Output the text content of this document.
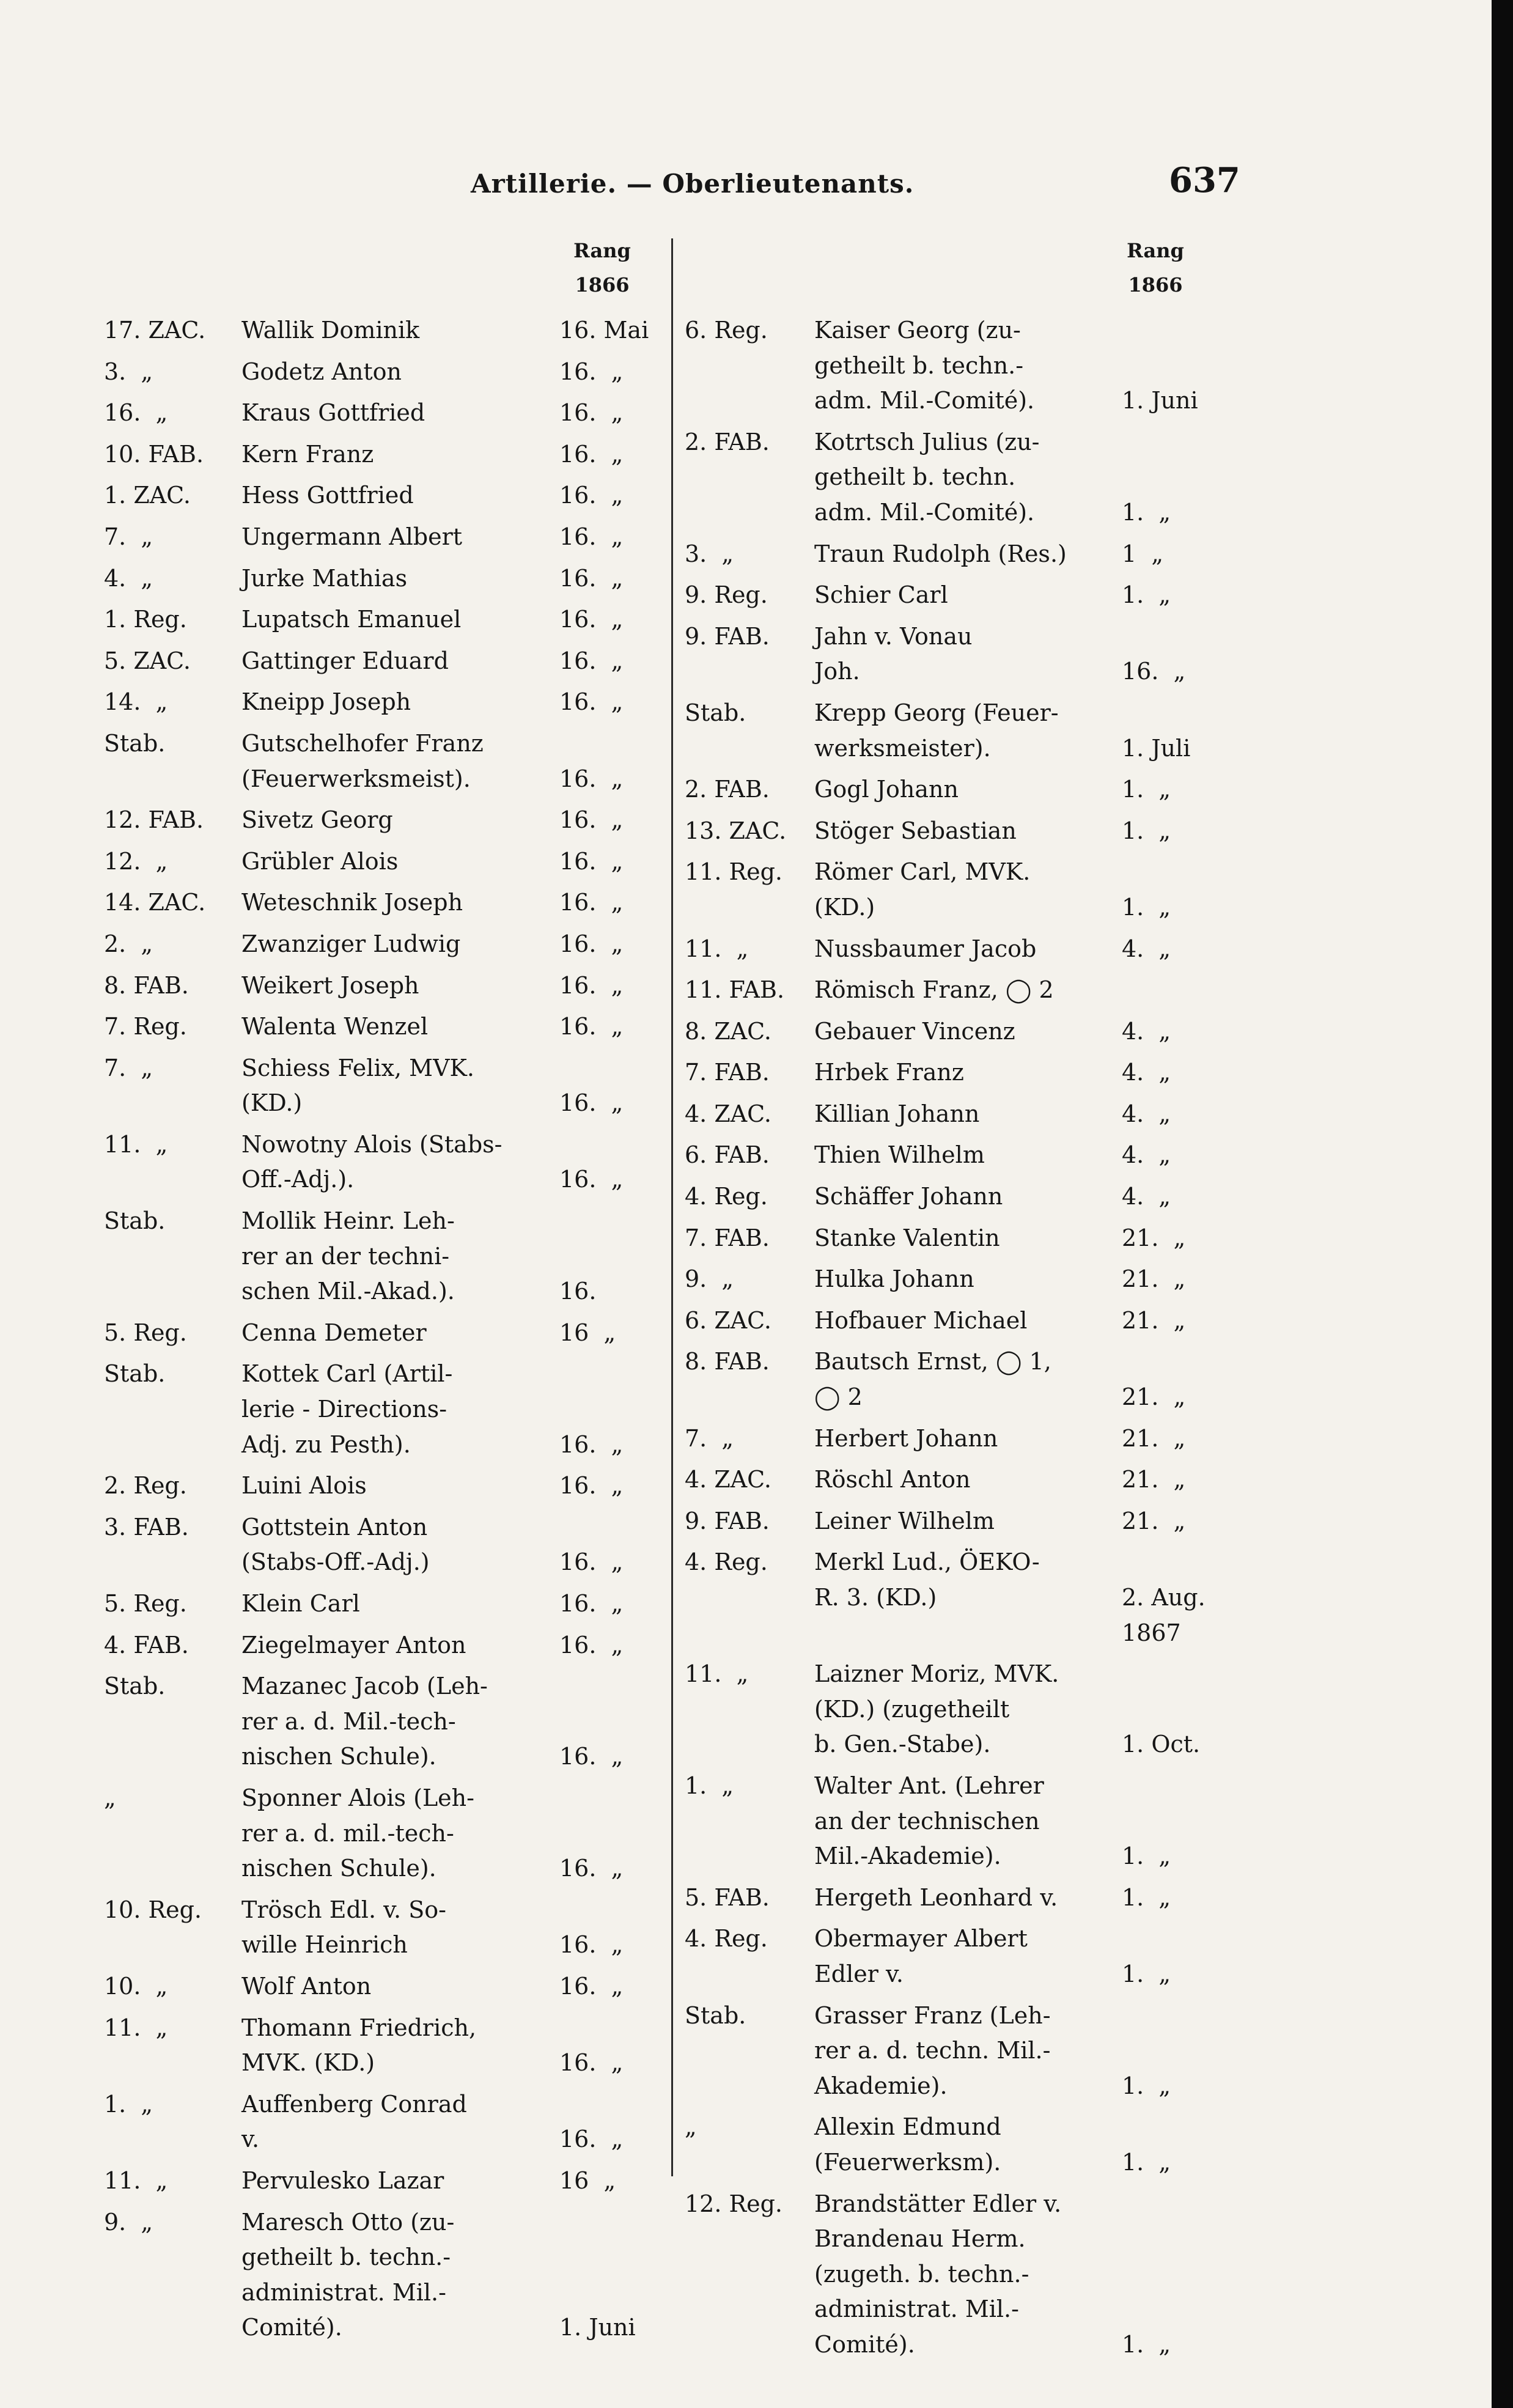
Artillerie. — Oberlieutenants.	637
Rang
1866
17. ZAC.	Wallik Dominik	16. Mai
3.  „	Godetz Anton	16.  „
16.  „	Kraus Gottfried	16.  „
10. FAB.	Kern Franz	16.  „
1. ZAC.	Hess Gottfried	16.  „
7.  „	Ungermann Albert	16.  „
4.  „	Jurke Mathias	16.  „
1. Reg.	Lupatsch Emanuel	16.  „
5. ZAC.	Gattinger Eduard	16.  „
14.  „	Kneipp Joseph	16.  „
Stab.	Gutschelhofer Franz
(Feuerwerksmeist).	16.  „
12. FAB.	Sivetz Georg	16.  „
12.  „	Grübler Alois	16.  „
14. ZAC.	Weteschnik Joseph	16.  „
2.  „	Zwanziger Ludwig	16.  „
8. FAB.	Weikert Joseph	16.  „
7. Reg.	Walenta Wenzel	16.  „
7.  „	Schiess Felix, MVK.
(KD.)	16.  „
11.  „	Nowotny Alois (Stabs-
Off.-Adj.).	16.  „
Stab.	Mollik Heinr. Leh-
rer an der techni-
schen Mil.-Akad.).	16.
5. Reg.	Cenna Demeter	16  „
Stab.	Kottek Carl (Artil-
lerie - Directions-
Adj. zu Pesth).	16.  „
2. Reg.	Luini Alois	16.  „
3. FAB.	Gottstein Anton
(Stabs-Off.-Adj.)	16.  „
5. Reg.	Klein Carl	16.  „
4. FAB.	Ziegelmayer Anton	16.  „
Stab.	Mazanec Jacob (Leh-
rer a. d. Mil.-tech-
nischen Schule).	16.  „
„	Sponner Alois (Leh-
rer a. d. mil.-tech-
nischen Schule).	16.  „
10. Reg.	Trösch Edl. v. So-
wille Heinrich	16.  „
10.  „	Wolf Anton	16.  „
11.  „	Thomann Friedrich,
MVK. (KD.)	16.  „
1.  „	Auffenberg Conrad
v.	16.  „
11.  „	Pervulesko Lazar	16  „
9.  „	Maresch Otto (zu-
getheilt b. techn.-
administrat. Mil.-
Comité).	1. Juni
Rang
1866
6. Reg.	Kaiser Georg (zu-
getheilt b. techn.-
adm. Mil.-Comité).	1. Juni
2. FAB.	Kotrtsch Julius (zu-
getheilt b. techn.
adm. Mil.-Comité).	1.  „
3.  „	Traun Rudolph (Res.)	1  „
9. Reg.	Schier Carl	1.  „
9. FAB.	Jahn v. Vonau
Joh.	16.  „
Stab.	Krepp Georg (Feuer-
werksmeister).	1. Juli
2. FAB.	Gogl Johann	1.  „
13. ZAC.	Stöger Sebastian	1.  „
11. Reg.	Römer Carl, MVK.
(KD.)	1.  „
11.  „	Nussbaumer Jacob	4.  „
11. FAB.	Römisch Franz, ◯ 2
8. ZAC.	Gebauer Vincenz	4.  „
7. FAB.	Hrbek Franz	4.  „
4. ZAC.	Killian Johann	4.  „
6. FAB.	Thien Wilhelm	4.  „
4. Reg.	Schäffer Johann	4.  „
7. FAB.	Stanke Valentin	21.  „
9.  „	Hulka Johann	21.  „
6. ZAC.	Hofbauer Michael	21.  „
8. FAB.	Bautsch Ernst, ◯ 1,
◯ 2	21.  „
7.  „	Herbert Johann	21.  „
4. ZAC.	Röschl Anton	21.  „
9. FAB.	Leiner Wilhelm	21.  „
4. Reg.	Merkl Lud., ÖEKO-
R. 3. (KD.)	2. Aug.
1867
11.  „	Laizner Moriz, MVK.
(KD.) (zugetheilt
b. Gen.-Stabe).	1. Oct.
1.  „	Walter Ant. (Lehrer
an der technischen
Mil.-Akademie).	1.  „
5. FAB.	Hergeth Leonhard v.	1.  „
4. Reg.	Obermayer Albert
Edler v.	1.  „
Stab.	Grasser Franz (Leh-
rer a. d. techn. Mil.-
Akademie).	1.  „
„	Allexin Edmund
(Feuerwerksm).	1.  „
12. Reg.	Brandstätter Edler v.
Brandenau Herm.
(zugeth. b. techn.-
administrat. Mil.-
Comité).	1.  „
